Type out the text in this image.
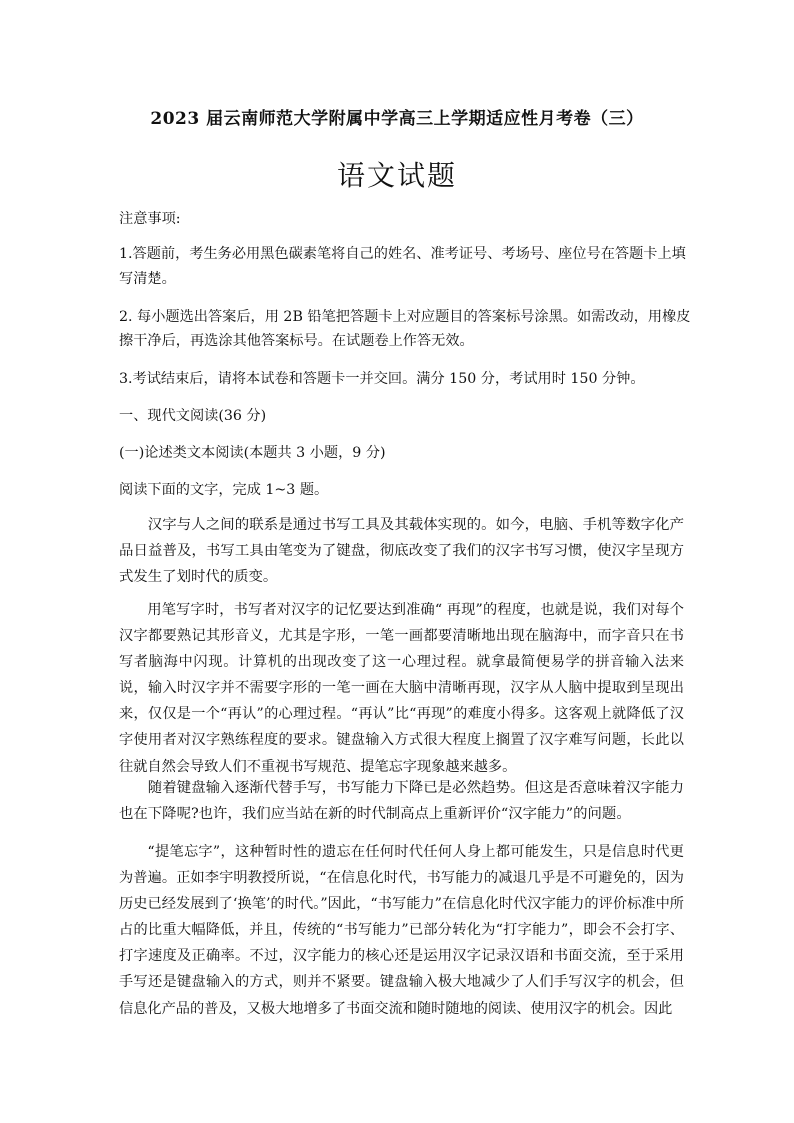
2023 届云南师范大学附属中学高三上学期适应性月考卷（三）
语文试题
注意事项:
1.答题前，考生务必用黑色碳素笔将自己的姓名、准考证号、考场号、座位号在答题卡上填
写清楚。
2. 每小题选出答案后，用 2B 铅笔把答题卡上对应题目的答案标号涂黑。如需改动，用橡皮
擦干净后，再选涂其他答案标号。在试题卷上作答无效。
3.考试结束后，请将本试卷和答题卡一并交回。满分 150 分，考试用时 150 分钟。
一、现代文阅读(36 分)
(一)论述类文本阅读(本题共 3 小题，9 分)
阅读下面的文字，完成 1~3 题。

汉字与人之间的联系是通过书写工具及其载体实现的。如今，电脑、手机等数字化产品日益普及，书写工具由笔变为了键盘，彻底改变了我们的汉字书写习惯，使汉字呈现方式发生了划时代的质变。

用笔写字时，书写者对汉字的记忆要达到准确“ 再现”的程度，也就是说，我们对每个汉字都要熟记其形音义，尤其是字形，一笔一画都要清晰地出现在脑海中，而字音只在书写者脑海中闪现。计算机的出现改变了这一心理过程。就拿最简便易学的拼音输入法来说，输入时汉字并不需要字形的一笔一画在大脑中清晰再现，汉字从人脑中提取到呈现出来，仅仅是一个“再认”的心理过程。“再认”比“再现”的难度小得多。这客观上就降低了汉字使用者对汉字熟练程度的要求。键盘输入方式很大程度上搁置了汉字难写问题，长此以往就自然会导致人们不重视书写规范、提笔忘字现象越来越多。

随着键盘输入逐渐代替手写，书写能力下降已是必然趋势。但这是否意味着汉字能力也在下降呢?也许，我们应当站在新的时代制高点上重新评价“汉字能力”的问题。

“提笔忘字”，这种暂时性的遗忘在任何时代任何人身上都可能发生，只是信息时代更为普遍。正如李宇明教授所说，“在信息化时代，书写能力的减退几乎是不可避免的，因为历史已经发展到了‘换笔’的时代。”因此，“书写能力”在信息化时代汉字能力的评价标准中所占的比重大幅降低，并且，传统的“书写能力”已部分转化为“打字能力”，即会不会打字、打字速度及正确率。不过，汉字能力的核心还是运用汉字记录汉语和书面交流，至于采用手写还是键盘输入的方式，则并不紧要。键盘输入极大地减少了人们手写汉字的机会，但信息化产品的普及，又极大地增多了书面交流和随时随地的阅读、使用汉字的机会。因此
